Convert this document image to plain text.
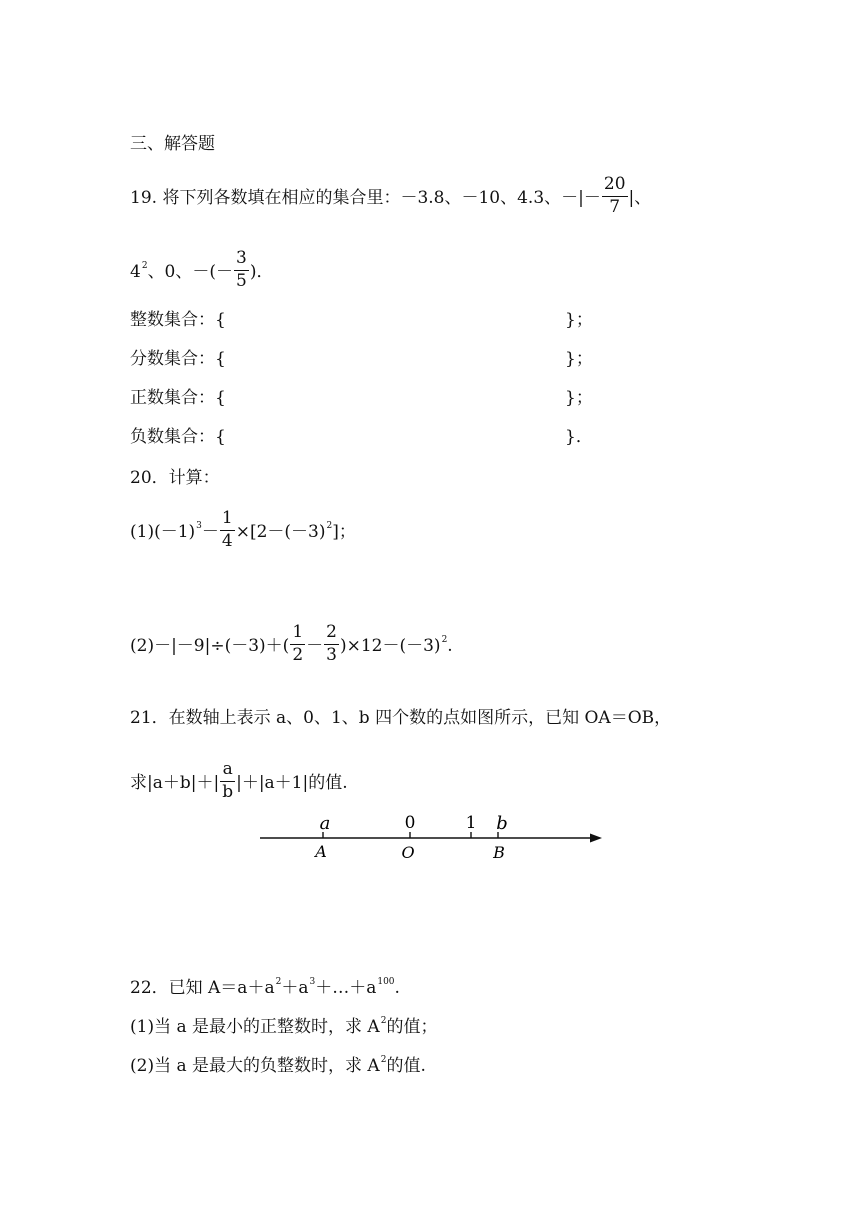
三、解答题
19. 将下列各数填在相应的集合里：－3.8、－10、4.3、－|－ $\frac{20}{7}$ |、
$4^2$、0、－(－ $\frac{3}{5}$ )．
整数集合：{	}；
分数集合：{	}；
正数集合：{	}；
负数集合：{	}．
20．计算：
$(1)(-1)^3- \frac{1}{4} \times[2-(-3)^2]$；
$(2)-|-9|\div(-3)+( \frac{1}{2} - \frac{2}{3} )\times 12-(-3)^2$.
21．在数轴上表示 a、0、1、b 四个数的点如图所示，已知 OA＝OB，
求$|a+b|+| \frac{a}{b} |+|a+1|$的值.
a	0	1 b
A	O	B
22．已知 $A=a+a^2+a^3+\dots+a^{100}$.
(1)当 a 是最小的正整数时，求 $A^2$的值；
(2)当 a 是最大的负整数时，求 $A^2$的值.
